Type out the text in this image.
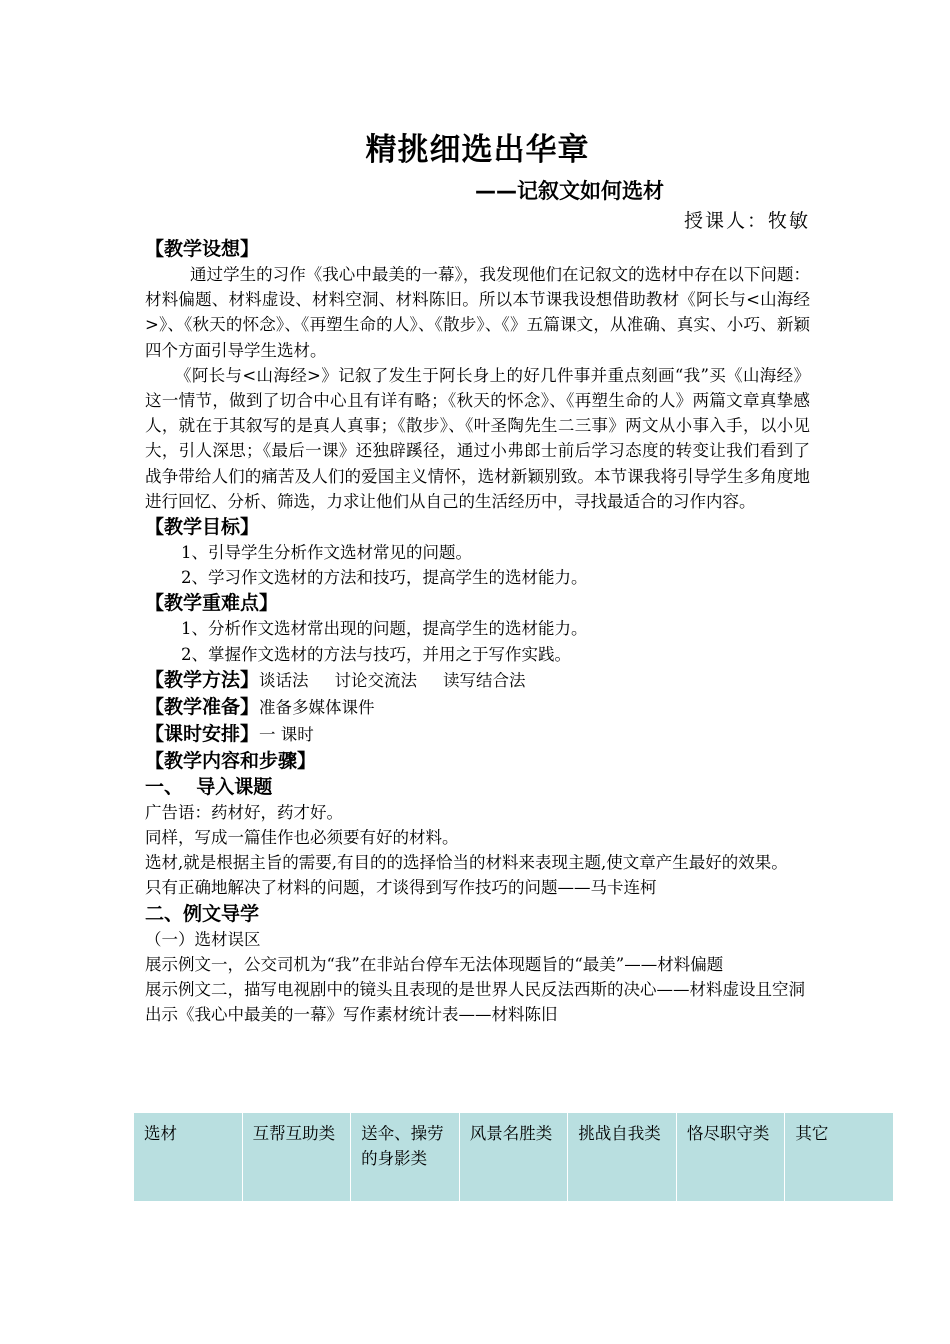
精挑细选出华章
——记叙文如何选材
授课人：牧敏
【教学设想】

通过学生的习作《我心中最美的一幕》，我发现他们在记叙文的选材中存在以下问题：材料偏题、材料虚设、材料空洞、材料陈旧。所以本节课我设想借助教材《阿长与<山海经>》、《秋天的怀念》、《再塑生命的人》、《散步》、《》五篇课文，从准确、真实、小巧、新颖四个方面引导学生选材。

《阿长与<山海经>》记叙了发生于阿长身上的好几件事并重点刻画“我”买《山海经》这一情节，做到了切合中心且有详有略；《秋天的怀念》、《再塑生命的人》两篇文章真挚感人，就在于其叙写的是真人真事；《散步》、《叶圣陶先生二三事》两文从小事入手，以小见大，引人深思；《最后一课》还独辟蹊径，通过小弗郎士前后学习态度的转变让我们看到了战争带给人们的痛苦及人们的爱国主义情怀，选材新颖别致。本节课我将引导学生多角度地进行回忆、分析、筛选，力求让他们从自己的生活经历中，寻找最适合的习作内容。

【教学目标】

1、引导学生分析作文选材常见的问题。

2、学习作文选材的方法和技巧，提高学生的选材能力。

【教学重难点】

1、分析作文选材常出现的问题，提高学生的选材能力。

2、掌握作文选材的方法与技巧，并用之于写作实践。

【教学方法】谈话法 讨论交流法 读写结合法
【教学准备】准备多媒体课件
【课时安排】一 课时
【教学内容和步骤】
一、  导入课题

广告语：药材好，药才好。

同样，写成一篇佳作也必须要有好的材料。

选材,就是根据主旨的需要,有目的的选择恰当的材料来表现主题,使文章产生最好的效果。

只有正确地解决了材料的问题，才谈得到写作技巧的问题——马卡连柯

二、例文导学

（一）选材误区

展示例文一，公交司机为“我”在非站台停车无法体现题旨的“最美”——材料偏题

展示例文二，描写电视剧中的镜头且表现的是世界人民反法西斯的决心——材料虚设且空洞

出示《我心中最美的一幕》写作素材统计表——材料陈旧

选材	互帮互助类	送伞、操劳的身影类	风景名胜类	挑战自我类	恪尽职守类	其它
